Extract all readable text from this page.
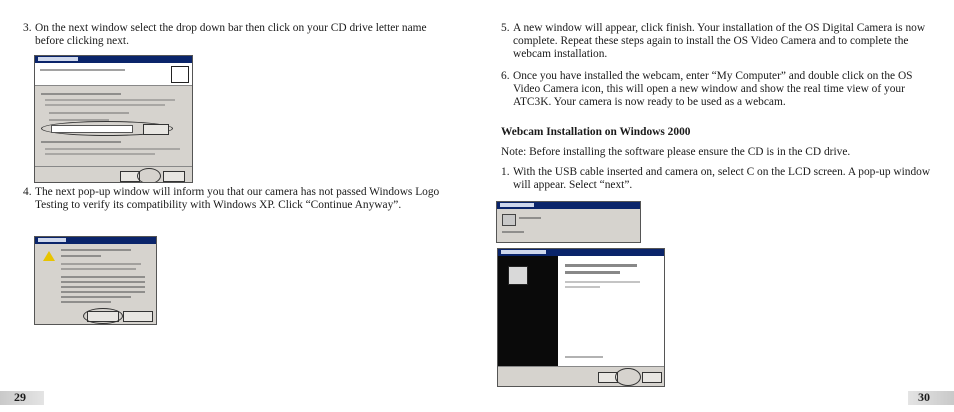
3. On the next window select the drop down bar then click on your CD drive letter name before clicking next.
4. The next pop-up window will inform you that our camera has not passed Windows Logo Testing to verify its compatibility with Windows XP. Click “Continue Anyway”.
29
5. A new window will appear, click finish. Your installation of the OS Digital Camera is now complete. Repeat these steps again to install the OS Video Camera and to complete the webcam installation.
6. Once you have installed the webcam, enter “My Computer” and double click on the OS Video Camera icon, this will open a new window and show the real time view of your ATC3K. Your camera is now ready to be used as a webcam.
Webcam Installation on Windows 2000
Note: Before installing the software please ensure the CD is in the CD drive.
1. With the USB cable inserted and camera on, select C on the LCD screen. A pop-up window will appear. Select “next”.
30
